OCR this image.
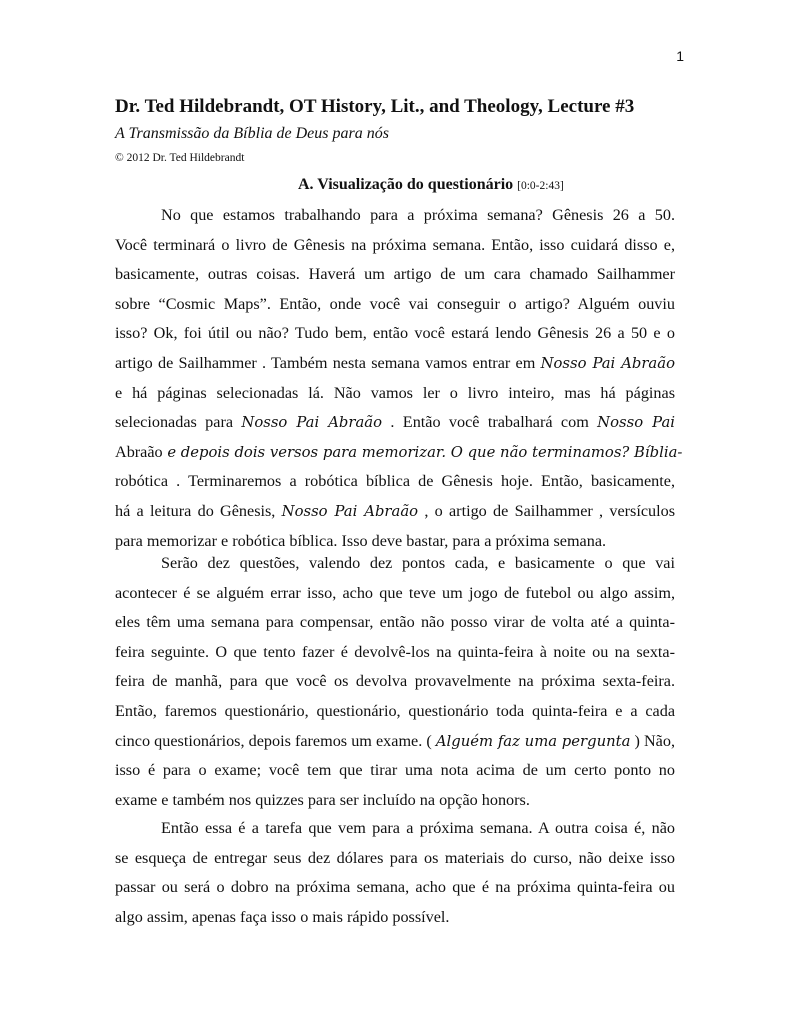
1
Dr. Ted Hildebrandt, OT History, Lit., and Theology, Lecture #3

A Transmissão da Bíblia de Deus para nós

© 2012 Dr. Ted Hildebrandt

A. Visualização do questionário [0:0-2:43]
No que estamos trabalhando para a próxima semana? Gênesis 26 a 50.
Você terminará o livro de Gênesis na próxima semana. Então, isso cuidará disso e,
basicamente, outras coisas. Haverá um artigo de um cara chamado Sailhammer
sobre “Cosmic Maps”. Então, onde você vai conseguir o artigo? Alguém ouviu
isso? Ok, foi útil ou não? Tudo bem, então você estará lendo Gênesis 26 a 50 e o
artigo de Sailhammer . Também nesta semana vamos entrar em Nosso Pai Abraão
e há páginas selecionadas lá. Não vamos ler o livro inteiro, mas há páginas
selecionadas para Nosso Pai Abraão . Então você trabalhará com Nosso Pai
Abraão e depois dois versos para memorizar. O que não terminamos? Bíblia-
robótica . Terminaremos a robótica bíblica de Gênesis hoje. Então, basicamente,
há a leitura do Gênesis, Nosso Pai Abraão , o artigo de Sailhammer , versículos
para memorizar e robótica bíblica. Isso deve bastar, para a próxima semana.
Serão dez questões, valendo dez pontos cada, e basicamente o que vai
acontecer é se alguém errar isso, acho que teve um jogo de futebol ou algo assim,
eles têm uma semana para compensar, então não posso virar de volta até a quinta-
feira seguinte. O que tento fazer é devolvê-los na quinta-feira à noite ou na sexta-
feira de manhã, para que você os devolva provavelmente na próxima sexta-feira.
Então, faremos questionário, questionário, questionário toda quinta-feira e a cada
cinco questionários, depois faremos um exame. ( Alguém faz uma pergunta ) Não,
isso é para o exame; você tem que tirar uma nota acima de um certo ponto no
exame e também nos quizzes para ser incluído na opção honors.
Então essa é a tarefa que vem para a próxima semana. A outra coisa é, não
se esqueça de entregar seus dez dólares para os materiais do curso, não deixe isso
passar ou será o dobro na próxima semana, acho que é na próxima quinta-feira ou
algo assim, apenas faça isso o mais rápido possível.
